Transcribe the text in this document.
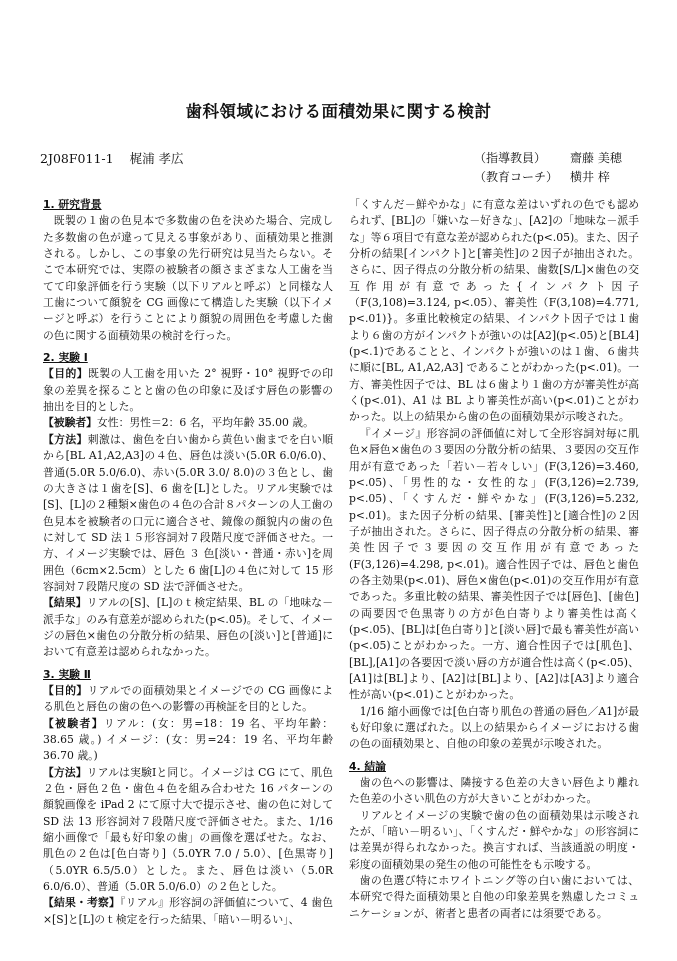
歯科領域における面積効果に関する検討
2J08F011-1 梶浦 孝広	（指導教員）	齋藤 美穂
（教育コーチ） 横井 梓
1. 研究背景

既製の１歯の色見本で多数歯の色を決めた場合、完成した多数歯の色が違って見える事象があり、面積効果と推測される。しかし、この事象の先行研究は見当たらない。そこで本研究では、実際の被験者の顔さまざまな人工歯を当てて印象評価を行う実験（以下リアルと呼ぶ）と同様な人工歯について顔貌を CG 画像にて構造した実験（以下イメージと呼ぶ）を行うことにより顔貌の周囲色を考慮した歯の色に関する面積効果の検討を行った。

2. 実験 Ⅰ

【目的】既製の人工歯を用いた 2° 視野・10° 視野での印象の差異を探ることと歯の色の印象に及ぼす唇色の影響の抽出を目的とした。

【被験者】女性：男性＝2：6 名，平均年齢 35.00 歳。

【方法】刺激は、歯色を白い歯から黄色い歯までを白い順から[BL A1,A2,A3]の４色、唇色は淡い(5.0R 6.0/6.0)、普通(5.0R 5.0/6.0)、赤い(5.0R 3.0/ 8.0)の３色とし、歯の大きさは１歯を[S]、6 歯を[L]とした。リアル実験では[S]、[L]の２種類×歯色の４色の合計８パターンの人工歯の色見本を被験者の口元に適合させ、鏡像の顔貌内の歯の色に対して SD 法１５形容詞対７段階尺度で評価させた。一方、イメージ実験では、唇色 ３ 色[淡い・普通・赤い]を周囲色（6cm×2.5cm）とした 6 歯[L]の４色に対して 15 形容詞対７段階尺度の SD 法で評価させた。

【結果】リアルの[S]、[L]のｔ検定結果、BL の「地味な－派手な」のみ有意差が認められた(p<.05)。そして、イメージの唇色×歯色の分散分析の結果、唇色の[淡い]と[普通]において有意差は認められなかった。

3. 実験 Ⅱ

【目的】リアルでの面積効果とイメージでの CG 画像による肌色と唇色の歯の色への影響の再検証を目的とした。

【被験者】リアル：(女：男=18：19 名、平均年齢：38.65 歳。) イメージ：(女：男=24：19 名、平均年齢 36.70 歳。)

【方法】リアルは実験Ⅰと同じ。イメージは CG にて、肌色２色・唇色２色・歯色４色を組み合わせた 16 パターンの顔貌画像を iPad 2 にて原寸大で提示させ、歯の色に対して SD 法 13 形容詞対７段階尺度で評価させた。また、1/16 縮小画像で「最も好印象の歯」の画像を選ばせた。なお、肌色の２色は[色白寄り]（5.0YR 7.0 / 5.0）、[色黒寄り]（5.0YR 6.5/5.0）とした。また、唇色は淡い（5.0R 6.0/6.0）、普通（5.0R 5.0/6.0）の２色とした。

【結果・考察】『リアル』形容詞の評価値について、4 歯色×[S]と[L]のｔ検定を行った結果、「暗い－明るい」、

「くすんだ－鮮やかな」に有意な差はいずれの色でも認められず、[BL]の「嫌いな－好きな」、[A2]の「地味な－派手な」等６項目で有意な差が認められた(p<.05)。また、因子分析の結果[インパクト]と[審美性]の２因子が抽出された。さらに、因子得点の分散分析の結果、歯数[S/L]×歯色の交互作用が有意であった{インパクト因子（F(3,108)=3.124, p<.05）、審美性（F(3,108)=4.771, p<.01)}。多重比較検定の結果、インパクト因子では１歯より６歯の方がインパクトが強いのは[A2](p<.05)と[BL4](p<.1)であることと、インパクトが強いのは１歯、６歯共に順に[BL, A1,A2,A3] であることがわかった(p<.01)。一方、審美性因子では、BL は６歯より１歯の方が審美性が高く(p<.01)、A1 は BL より審美性が高い(p<.01)ことがわかった。以上の結果から歯の色の面積効果が示唆された。

『イメージ』形容詞の評価値に対して全形容詞対毎に肌色×唇色×歯色の３要因の分散分析の結果、３要因の交互作用が有意であった「若い－若々しい」(F(3,126)=3.460, p<.05)、「男性的な・女性的な」(F(3,126)=2.739, p<.05)、「くすんだ・鮮やかな」(F(3,126)=5.232, p<.01)。また因子分析の結果、[審美性]と[適合性]の２因子が抽出された。さらに、因子得点の分散分析の結果、審美性因子で３要因の交互作用が有意であった(F(3,126)=4.298, p<.01)。適合性因子では、唇色と歯色の各主効果(p<.01)、唇色×歯色(p<.01)の交互作用が有意であった。多重比較の結果、審美性因子では[唇色]、[歯色]の両要因で色黒寄りの方が色白寄りより審美性は高く(p<.05)、[BL]は[色白寄り]と[淡い唇]で最も審美性が高い(p<.05)ことがわかった。一方、適合性因子では[肌色]、[BL],[A1]の各要因で淡い唇の方が適合性は高く(p<.05)、[A1]は[BL]より、[A2]は[BL]より、[A2]は[A3]より適合性が高い(p<.01)ことがわかった。

1/16 縮小画像では[色白寄り肌色の普通の唇色／A1]が最も好印象に選ばれた。以上の結果からイメージにおける歯の色の面積効果と、自他の印象の差異が示唆された。

4. 結論

歯の色への影響は、隣接する色差の大きい唇色より離れた色差の小さい肌色の方が大きいことがわかった。

リアルとイメージの実験で歯の色の面積効果は示唆されたが、「暗い－明るい」、「くすんだ・鮮やかな」の形容詞には差異が得られなかった。換言すれば、当該通説の明度・彩度の面積効果の発生の他の可能性をも示唆する。

歯の色選び特にホワイトニング等の白い歯においては、本研究で得た面積効果と自他の印象差異を熟慮したコミュニケーションが、術者と患者の両者には須要である。
